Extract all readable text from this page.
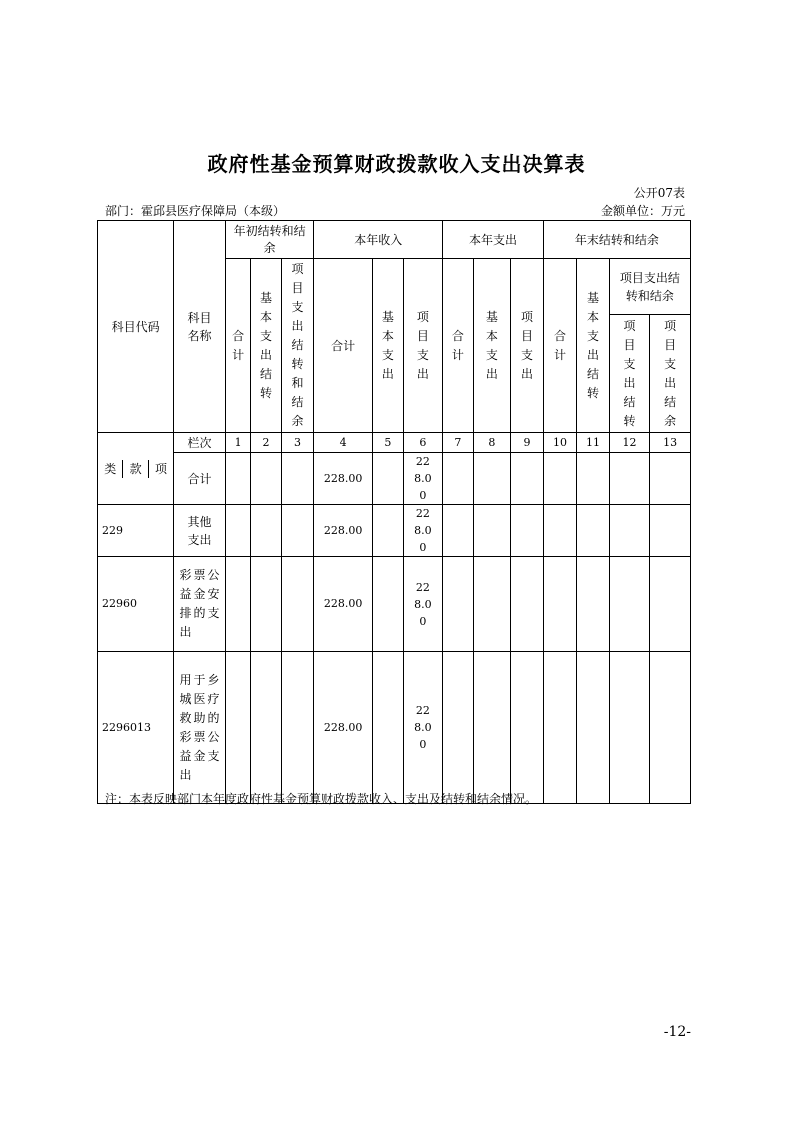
政府性基金预算财政拨款收入支出决算表
公开07表
部门：霍邱县医疗保障局（本级）	金额单位：万元
科目代码	科目名称	年初结转和结余			本年收入			本年支出			年末结转和结余			
		合计	基本支出结转	项目支出结转和结余	合计	基本支出	项目支出	合计	基本支出	项目支出	合计	基本支出结转	项目支出结转和结余	
													项目支出结转	项目支出结余

类 款 项	栏次	1	2	3	4	5	6	7	8	9	10	11	12	13
	合计				228.00		228.00							
229	其他支出				228.00		228.00							
22960	彩票公益金安排的支出				228.00		228.00							
2296013	用于乡城医疗救助的彩票公益金支出				228.00		228.00							
注：本表反映部门本年度政府性基金预算财政拨款收入、支出及结转和结余情况。
-12-
